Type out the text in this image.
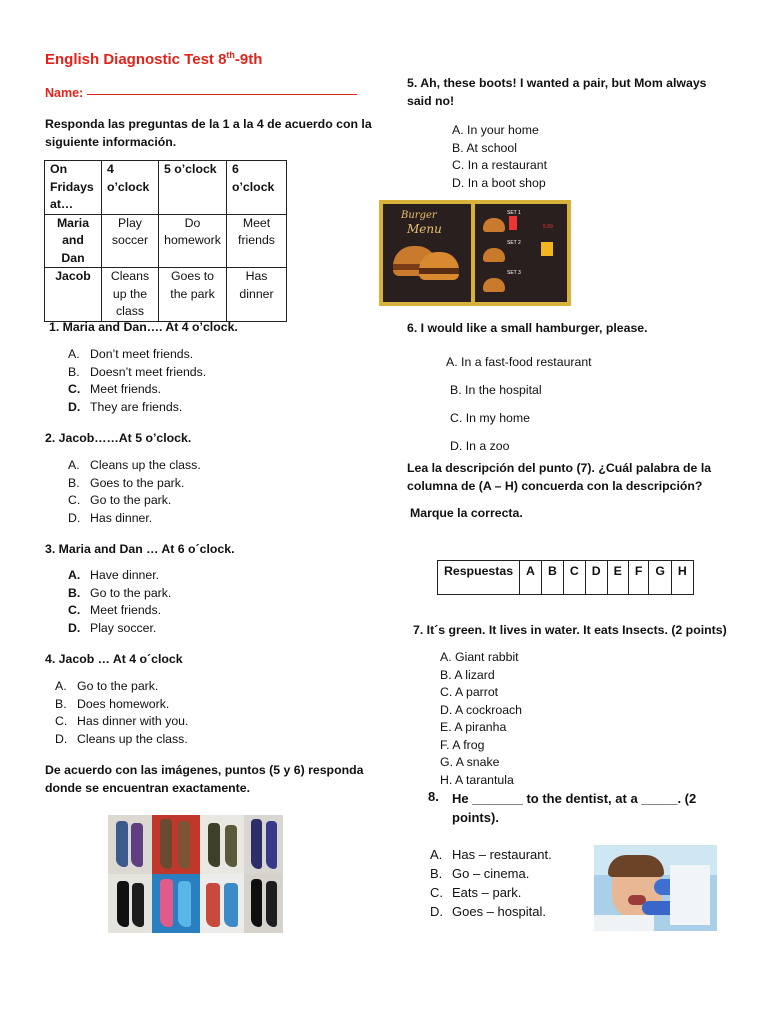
English Diagnostic Test 8th-9th
Name:
Responda las preguntas de la 1 a la 4 de acuerdo con la siguiente información.
On Fridays at…	4 o’clock	5 o’clock	6 o’clock
Maria and Dan	Play soccer	Do homework	Meet friends
Jacob	Cleans up the class	Goes to the park	Has dinner
1. Maria and Dan…. At 4 o’clock.
A. Don’t meet friends.
B. Doesn’t meet friends.
C. Meet friends.
D. They are friends.
2. Jacob……At 5 o’clock.
A. Cleans up the class.
B. Goes to the park.
C. Go to the park.
D. Has dinner.
3. Maria and Dan … At 6 o´clock.
A. Have dinner.
B. Go to the park.
C. Meet friends.
D. Play soccer.
4. Jacob … At 4 o´clock
A. Go to the park.
B. Does homework.
C. Has dinner with you.
D. Cleans up the class.
De acuerdo con las imágenes, puntos (5 y 6) responda donde se encuentran exactamente.
5. Ah, these boots! I wanted a pair, but Mom always said no!
A. In your home
B. At school
C. In a restaurant
D. In a boot shop
Burger
Menu
SET 1
SET 2
SET 3
5.99
6. I would like a small hamburger, please.
A. In a fast-food restaurant
B. In the hospital
C. In my home
D. In a zoo
Lea la descripción del punto (7). ¿Cuál palabra de la columna de (A – H) concuerda con la descripción?
Marque la correcta.
Respuestas	A	B	C	D	E	F	G	H
7. It´s green. It lives in water. It eats Insects. (2 points)
A. Giant rabbit
B. A lizard
C. A parrot
D. A cockroach
E. A piranha
F. A frog
G. A snake
H. A tarantula
8. He _______ to the dentist, at a _____. (2 points).
A. Has – restaurant.
B. Go – cinema.
C. Eats – park.
D. Goes – hospital.
